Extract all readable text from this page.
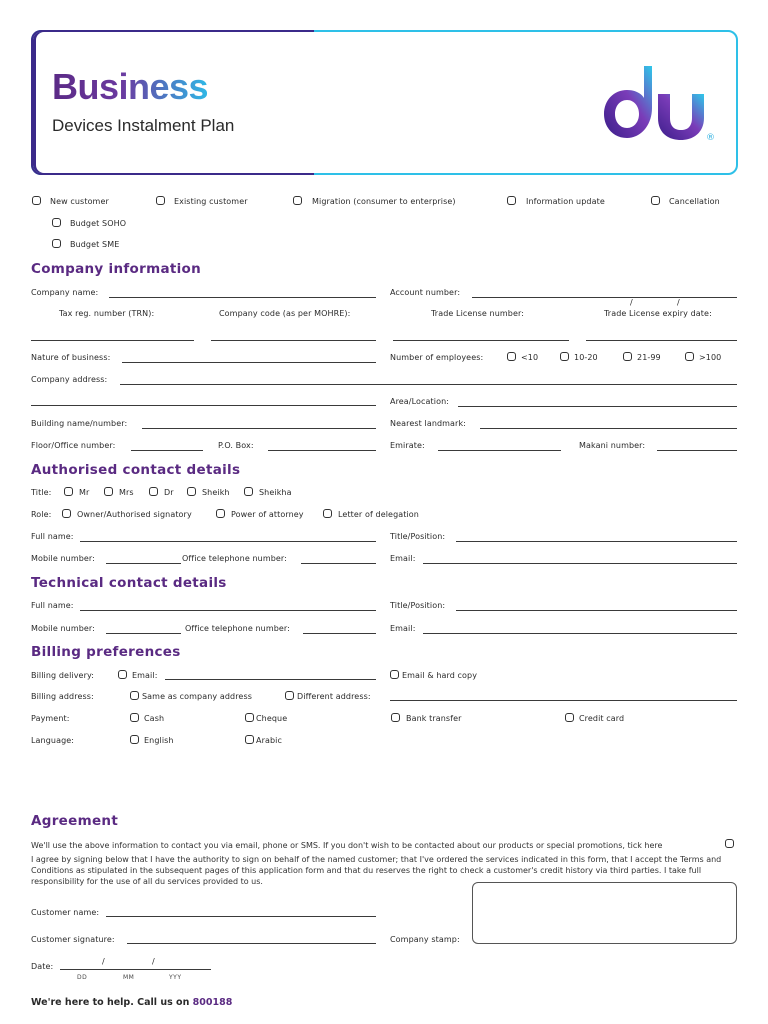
Business
Devices Instalment Plan
®
New customer	Existing customer	Migration (consumer to enterprise)	Information update	Cancellation
Budget SOHO
Budget SME
Company information
Company name:	Account number:
Tax reg. number (TRN):	Company code (as per MOHRE):	Trade License number:	Trade License expiry date:
/	/
Nature of business:	Number of employees:	<10	10-20	21-99	>100
Company address:
Area/Location:
Building name/number:	Nearest landmark:
Floor/Office number:	P.O. Box:	Emirate:	Makani number:
Authorised contact details
Title:	Mr	Mrs	Dr	Sheikh	Sheikha
Role:	Owner/Authorised signatory	Power of attorney	Letter of delegation
Full name:	Title/Position:
Mobile number:	Office telephone number:	Email:
Technical contact details
Full name:	Title/Position:
Mobile number:	Office telephone number:	Email:
Billing preferences
Billing delivery:	Email:	Email & hard copy
Billing address:	Same as company address	Different address:
Payment:	Cash	Cheque	Bank transfer	Credit card
Language:	English	Arabic
Agreement
We'll use the above information to contact you via email, phone or SMS. If you don't wish to be contacted about our products or special promotions, tick here
I agree by signing below that I have the authority to sign on behalf of the named customer; that I've ordered the services indicated in this form, that I accept the Terms and Conditions as stipulated in the subsequent pages of this application form and that du reserves the right to check a customer's credit history via third parties. I take full responsibility for the use of all du services provided to us.
Customer name:
Customer signature:	Company stamp:
Date:
/	/
DD	MM	YYY
We're here to help. Call us on 800188
